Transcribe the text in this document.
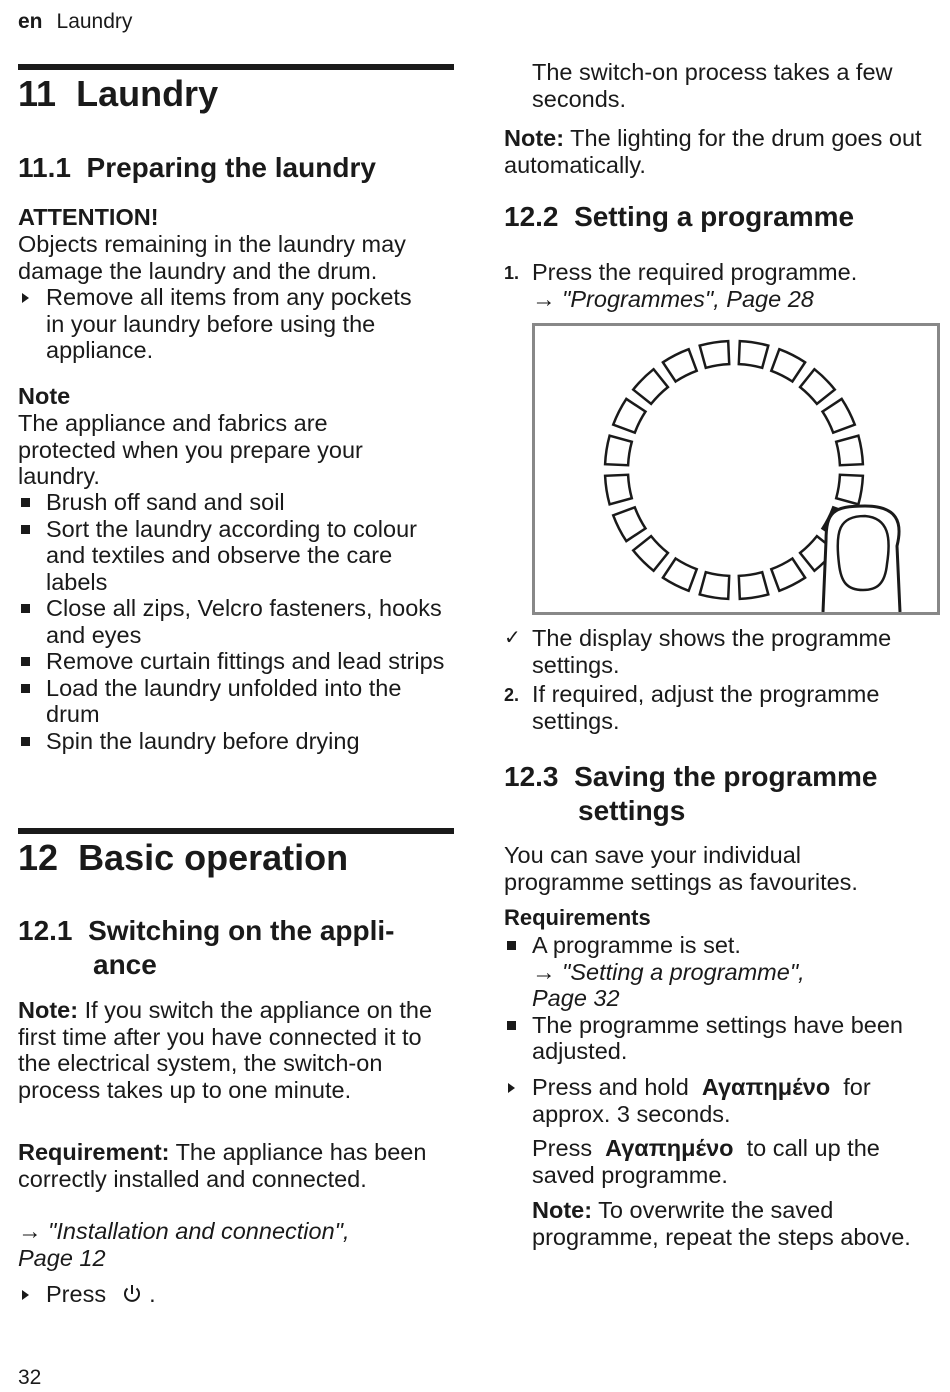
en Laundry
11 Laundry
11.1 Preparing the laundry
ATTENTION!
Objects remaining in the laundry may damage the laundry and the drum.
Remove all items from any pockets in your laundry before using the appliance.
Note
The appliance and fabrics are protected when you prepare your laundry.
Brush off sand and soil
Sort the laundry according to colour and textiles and observe the care labels
Close all zips, Velcro fasteners, hooks and eyes
Remove curtain fittings and lead strips
Load the laundry unfolded into the drum
Spin the laundry before drying
12 Basic operation
12.1 Switching on the appli-
ance
Note: If you switch the appliance on the first time after you have connected it to the electrical system, the switch-on process takes up to one minute.
Requirement: The appliance has been correctly installed and connected.
→ "Installation and connection",
Page 12
Press  .
32
The switch-on process takes a few seconds.
Note: The lighting for the drum goes out automatically.
12.2 Setting a programme
1. Press the required programme.
→ "Programmes", Page 28
✓ The display shows the programme settings.
2. If required, adjust the programme settings.
12.3 Saving the programme
settings
You can save your individual programme settings as favourites.
Requirements
A programme is set.
→ "Setting a programme",
Page 32
The programme settings have been adjusted.
Press and hold Αγαπημένο for approx. 3 seconds.
Press Αγαπημένο to call up the saved programme.
Note: To overwrite the saved programme, repeat the steps above.
